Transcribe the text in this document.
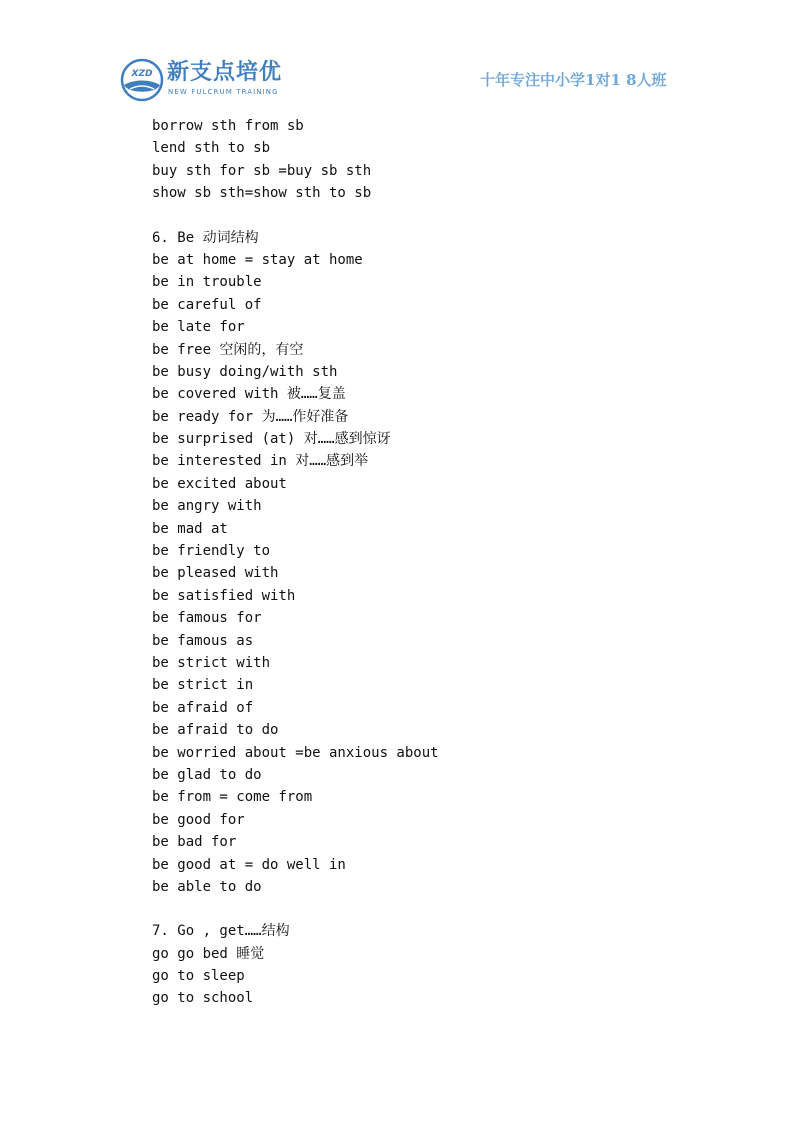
XZD 新支点培优
NEW FULCRUM TRAINING
十年专注中小学1对1 8人班
borrow sth from sb
lend sth to sb
buy sth for sb =buy sb sth
show sb sth=show sth to sb
6. Be 动词结构
be at home = stay at home
be in trouble
be careful of
be late for
be free 空闲的，有空
be busy doing/with sth
be covered with 被……复盖
be ready for 为……作好准备
be surprised (at) 对……感到惊讶
be interested in 对……感到举
be excited about
be angry with
be mad at
be friendly to
be pleased with
be satisfied with
be famous for
be famous as
be strict with
be strict in
be afraid of
be afraid to do
be worried about =be anxious about
be glad to do
be from = come from
be good for
be bad for
be good at = do well in
be able to do
7. Go , get……结构
go go bed 睡觉
go to sleep
go to school
